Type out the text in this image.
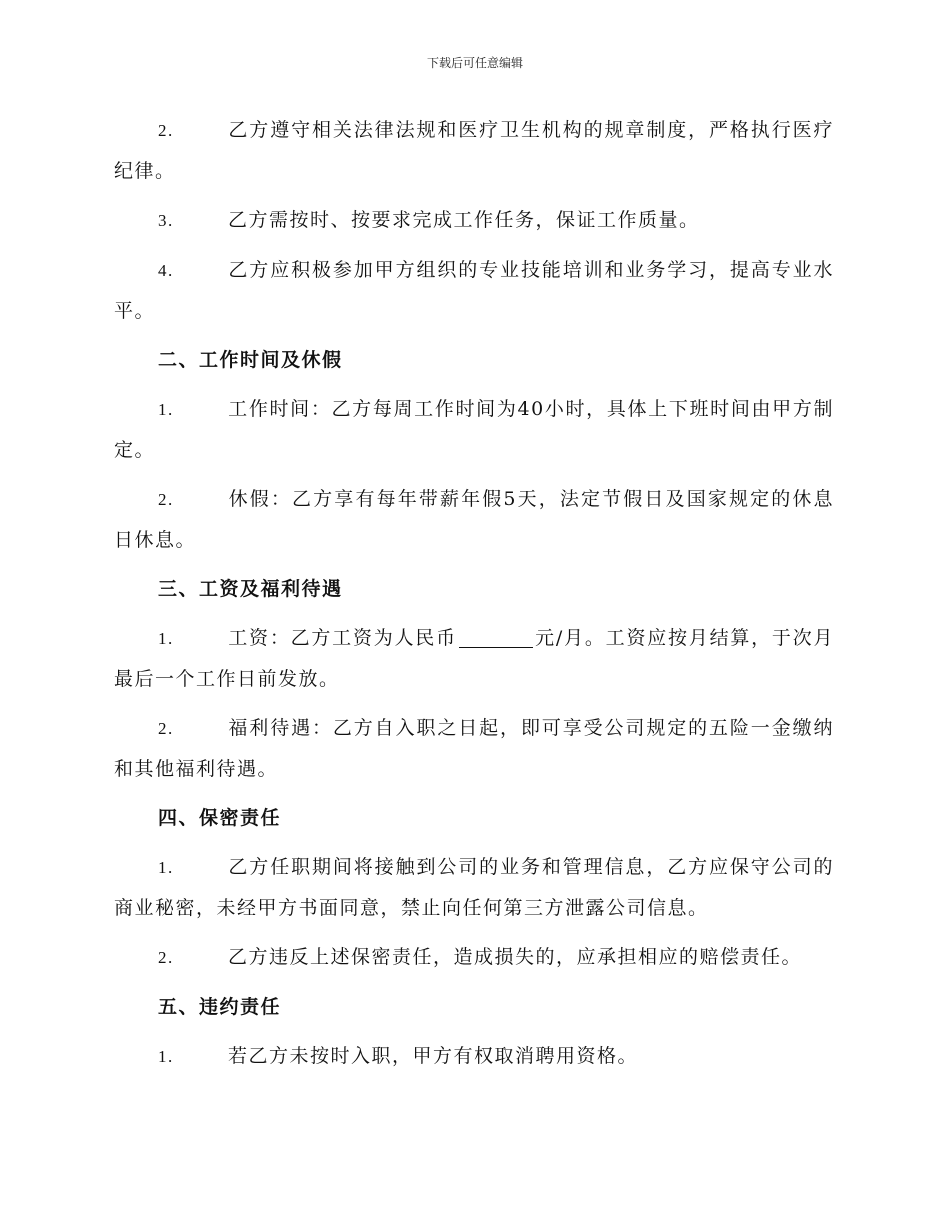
下载后可任意编辑

2.	乙方遵守相关法律法规和医疗卫生机构的规章制度，严格执行医疗纪律。

3.	乙方需按时、按要求完成工作任务，保证工作质量。

4.	乙方应积极参加甲方组织的专业技能培训和业务学习，提高专业水平。

二、工作时间及休假

1.	工作时间：乙方每周工作时间为40小时，具体上下班时间由甲方制定。

2.	休假：乙方享有每年带薪年假5天，法定节假日及国家规定的休息日休息。

三、工资及福利待遇

1.	工资：乙方工资为人民币	元/月。工资应按月结算，于次月最后一个工作日前发放。

2.	福利待遇：乙方自入职之日起，即可享受公司规定的五险一金缴纳和其他福利待遇。

四、保密责任

1.	乙方任职期间将接触到公司的业务和管理信息，乙方应保守公司的商业秘密，未经甲方书面同意，禁止向任何第三方泄露公司信息。

2.	乙方违反上述保密责任，造成损失的，应承担相应的赔偿责任。

五、违约责任

1.	若乙方未按时入职，甲方有权取消聘用资格。
